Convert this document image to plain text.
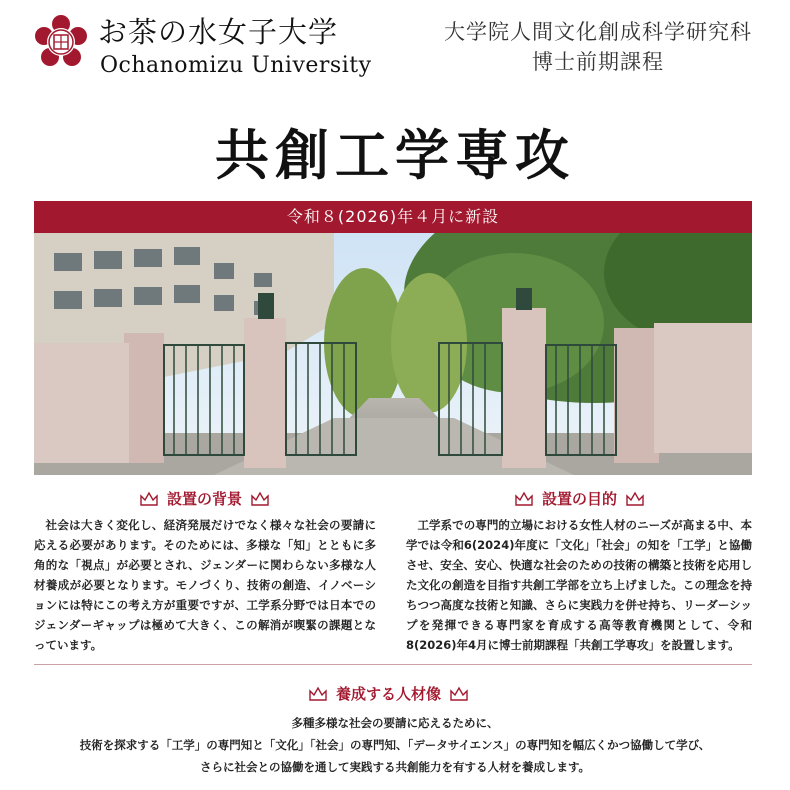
お茶の水女子大学
Ochanomizu University
大学院人間文化創成科学研究科
博士前期課程
共創工学専攻
令和８(2026)年４月に新設
設置の背景

社会は大きく変化し、経済発展だけでなく様々な社会の要請に応える必要があります。そのためには、多様な「知」とともに多角的な「視点」が必要とされ、ジェンダーに関わらない多様な人材養成が必要となります。モノづくり、技術の創造、イノベーションには特にこの考え方が重要ですが、工学系分野では日本でのジェンダーギャップは極めて大きく、この解消が喫緊の課題となっています。

設置の目的

工学系での専門的立場における女性人材のニーズが高まる中、本学では令和6(2024)年度に「文化」「社会」の知を「工学」と協働させ、安全、安心、快適な社会のための技術の構築と技術を応用した文化の創造を目指す共創工学部を立ち上げました。この理念を持ちつつ高度な技術と知識、さらに実践力を併せ持ち、リーダーシップを発揮できる専門家を育成する高等教育機関として、令和8(2026)年4月に博士前期課程「共創工学専攻」を設置します。

養成する人材像
多種多様な社会の要請に応えるために、
技術を探求する「工学」の専門知と「文化」「社会」の専門知、「データサイエンス」の専門知を幅広くかつ協働して学び、
さらに社会との協働を通して実践する共創能力を有する人材を養成します。
